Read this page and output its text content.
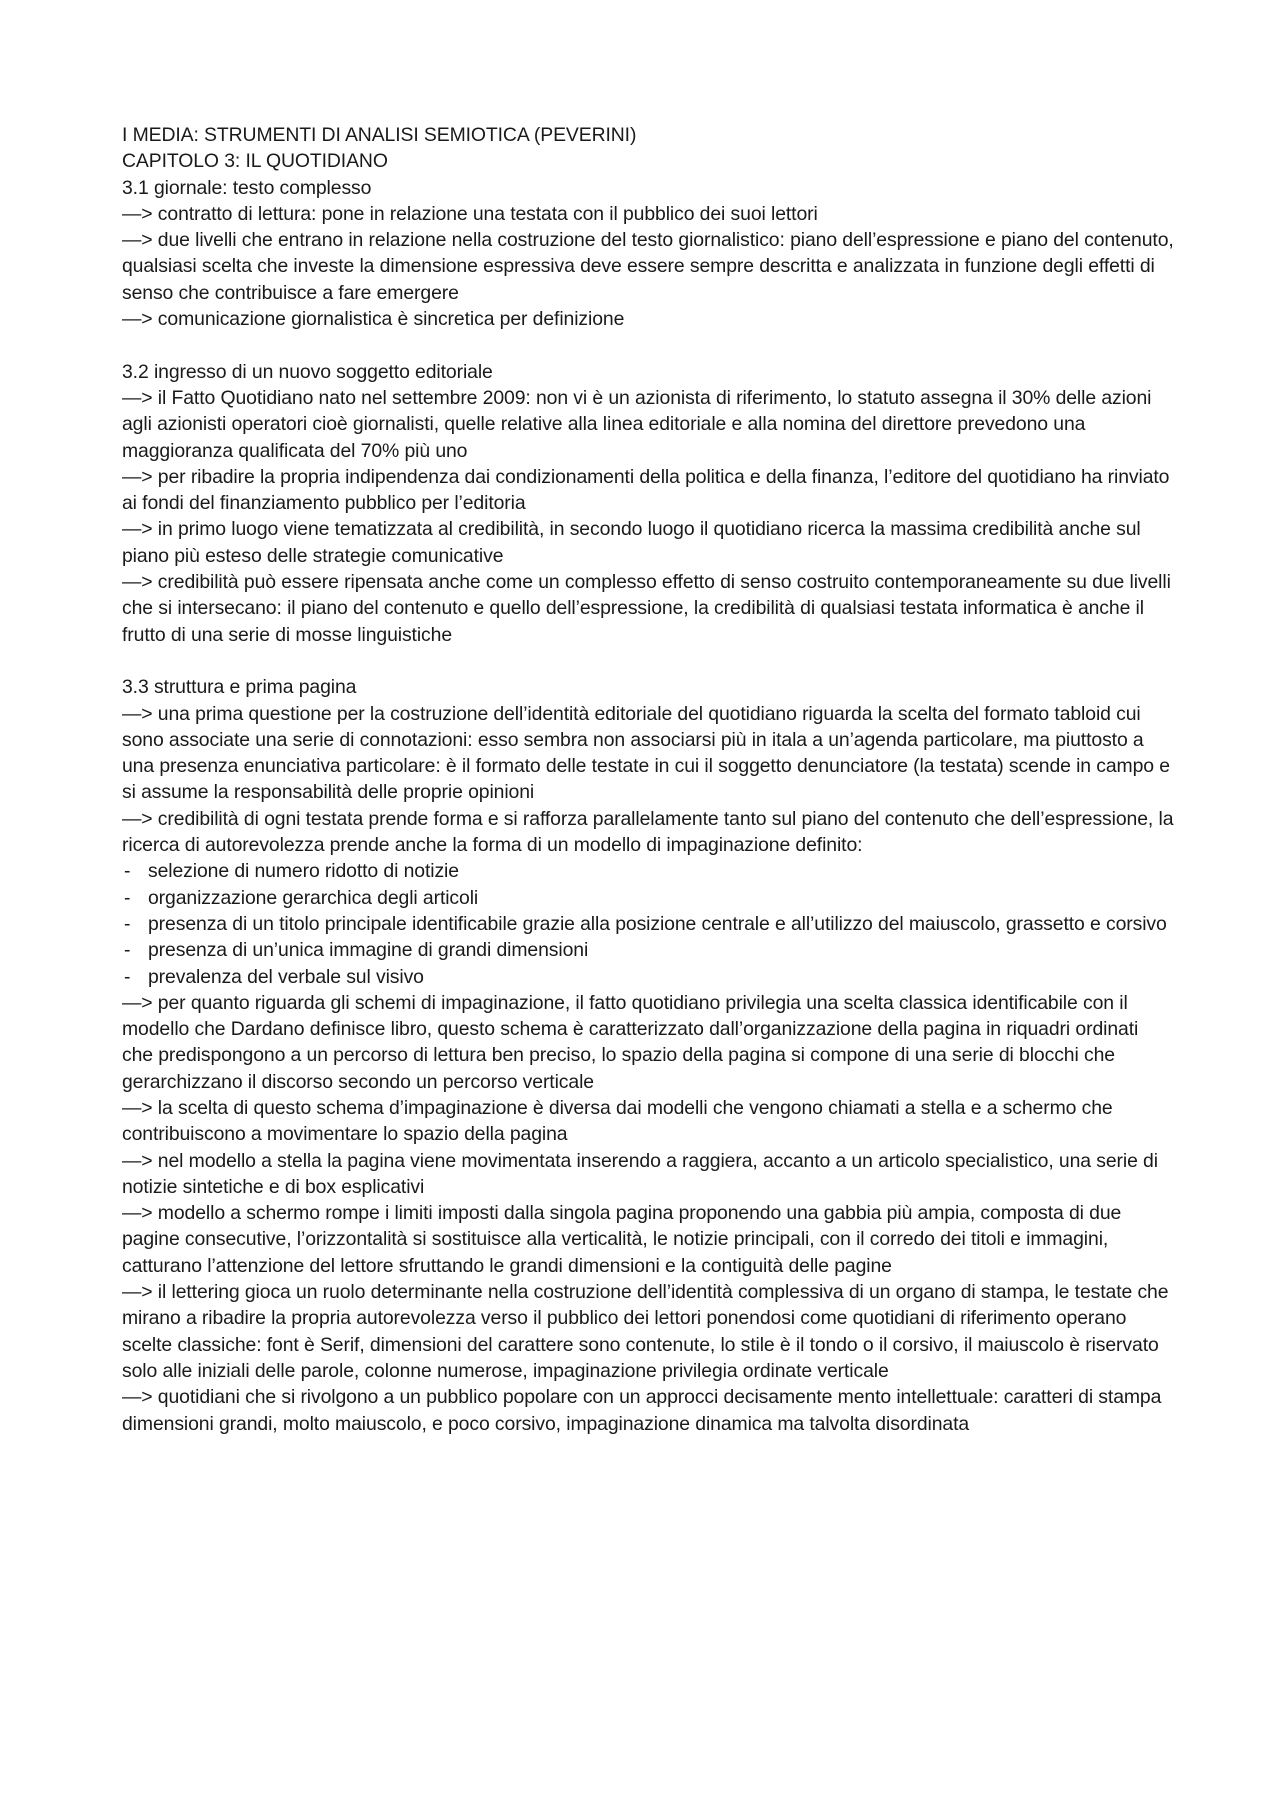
I MEDIA: STRUMENTI DI ANALISI SEMIOTICA (PEVERINI)

CAPITOLO 3: IL QUOTIDIANO

3.1 giornale: testo complesso

—> contratto di lettura: pone in relazione una testata con il pubblico dei suoi lettori

—> due livelli che entrano in relazione nella costruzione del testo giornalistico: piano dell’espressione e piano del contenuto, qualsiasi scelta che investe la dimensione espressiva deve essere sempre descritta e analizzata in funzione degli effetti di senso che contribuisce a fare emergere

—> comunicazione giornalistica è sincretica per definizione

3.2 ingresso di un nuovo soggetto editoriale

—> il Fatto Quotidiano nato nel settembre 2009: non vi è un azionista di riferimento, lo statuto assegna il 30% delle azioni agli azionisti operatori cioè giornalisti, quelle relative alla linea editoriale e alla nomina del direttore prevedono una maggioranza qualificata del 70% più uno

—> per ribadire la propria indipendenza dai condizionamenti della politica e della finanza, l’editore del quotidiano ha rinviato ai fondi del finanziamento pubblico per l’editoria

—> in primo luogo viene tematizzata al credibilità, in secondo luogo il quotidiano ricerca la massima credibilità anche sul piano più esteso delle strategie comunicative

—> credibilità può essere ripensata anche come un complesso effetto di senso costruito contemporaneamente su due livelli che si intersecano: il piano del contenuto e quello dell’espressione, la credibilità di qualsiasi testata informatica è anche il frutto di una serie di mosse linguistiche

3.3 struttura e prima pagina

—> una prima questione per la costruzione dell’identità editoriale del quotidiano riguarda la scelta del formato tabloid cui sono associate una serie di connotazioni: esso sembra non associarsi più in itala a un’agenda particolare, ma piuttosto a una presenza enunciativa particolare: è il formato delle testate in cui il soggetto denunciatore (la testata) scende in campo e si assume la responsabilità delle proprie opinioni

—> credibilità di ogni testata prende forma e si rafforza parallelamente tanto sul piano del contenuto che dell’espressione, la ricerca di autorevolezza prende anche la forma di un modello di impaginazione definito:

- selezione di numero ridotto di notizie
- organizzazione gerarchica degli articoli
- presenza di un titolo principale identificabile grazie alla posizione centrale e all’utilizzo del maiuscolo, grassetto e corsivo
- presenza di un’unica immagine di grandi dimensioni
- prevalenza del verbale sul visivo

—> per quanto riguarda gli schemi di impaginazione, il fatto quotidiano privilegia una scelta classica identificabile con il modello che Dardano definisce libro, questo schema è caratterizzato dall’organizzazione della pagina in riquadri ordinati che predispongono a un percorso di lettura ben preciso, lo spazio della pagina si compone di una serie di blocchi che gerarchizzano il discorso secondo un percorso verticale

—> la scelta di questo schema d’impaginazione è diversa dai modelli che vengono chiamati a stella e a schermo che contribuiscono a movimentare lo spazio della pagina

—> nel modello a stella la pagina viene movimentata inserendo a raggiera, accanto a un articolo specialistico, una serie di notizie sintetiche e di box esplicativi

—> modello a schermo rompe i limiti imposti dalla singola pagina proponendo una gabbia più ampia, composta di due pagine consecutive, l’orizzontalità si sostituisce alla verticalità, le notizie principali, con il corredo dei titoli e immagini, catturano l’attenzione del lettore sfruttando le grandi dimensioni e la contiguità delle pagine

—> il lettering gioca un ruolo determinante nella costruzione dell’identità complessiva di un organo di stampa, le testate che mirano a ribadire la propria autorevolezza verso il pubblico dei lettori ponendosi come quotidiani di riferimento operano scelte classiche: font è Serif, dimensioni del carattere sono contenute, lo stile è il tondo o il corsivo, il maiuscolo è riservato solo alle iniziali delle parole, colonne numerose, impaginazione privilegia ordinate verticale

—> quotidiani che si rivolgono a un pubblico popolare con un approcci decisamente mento intellettuale: caratteri di stampa dimensioni grandi, molto maiuscolo, e poco corsivo, impaginazione dinamica ma talvolta disordinata
